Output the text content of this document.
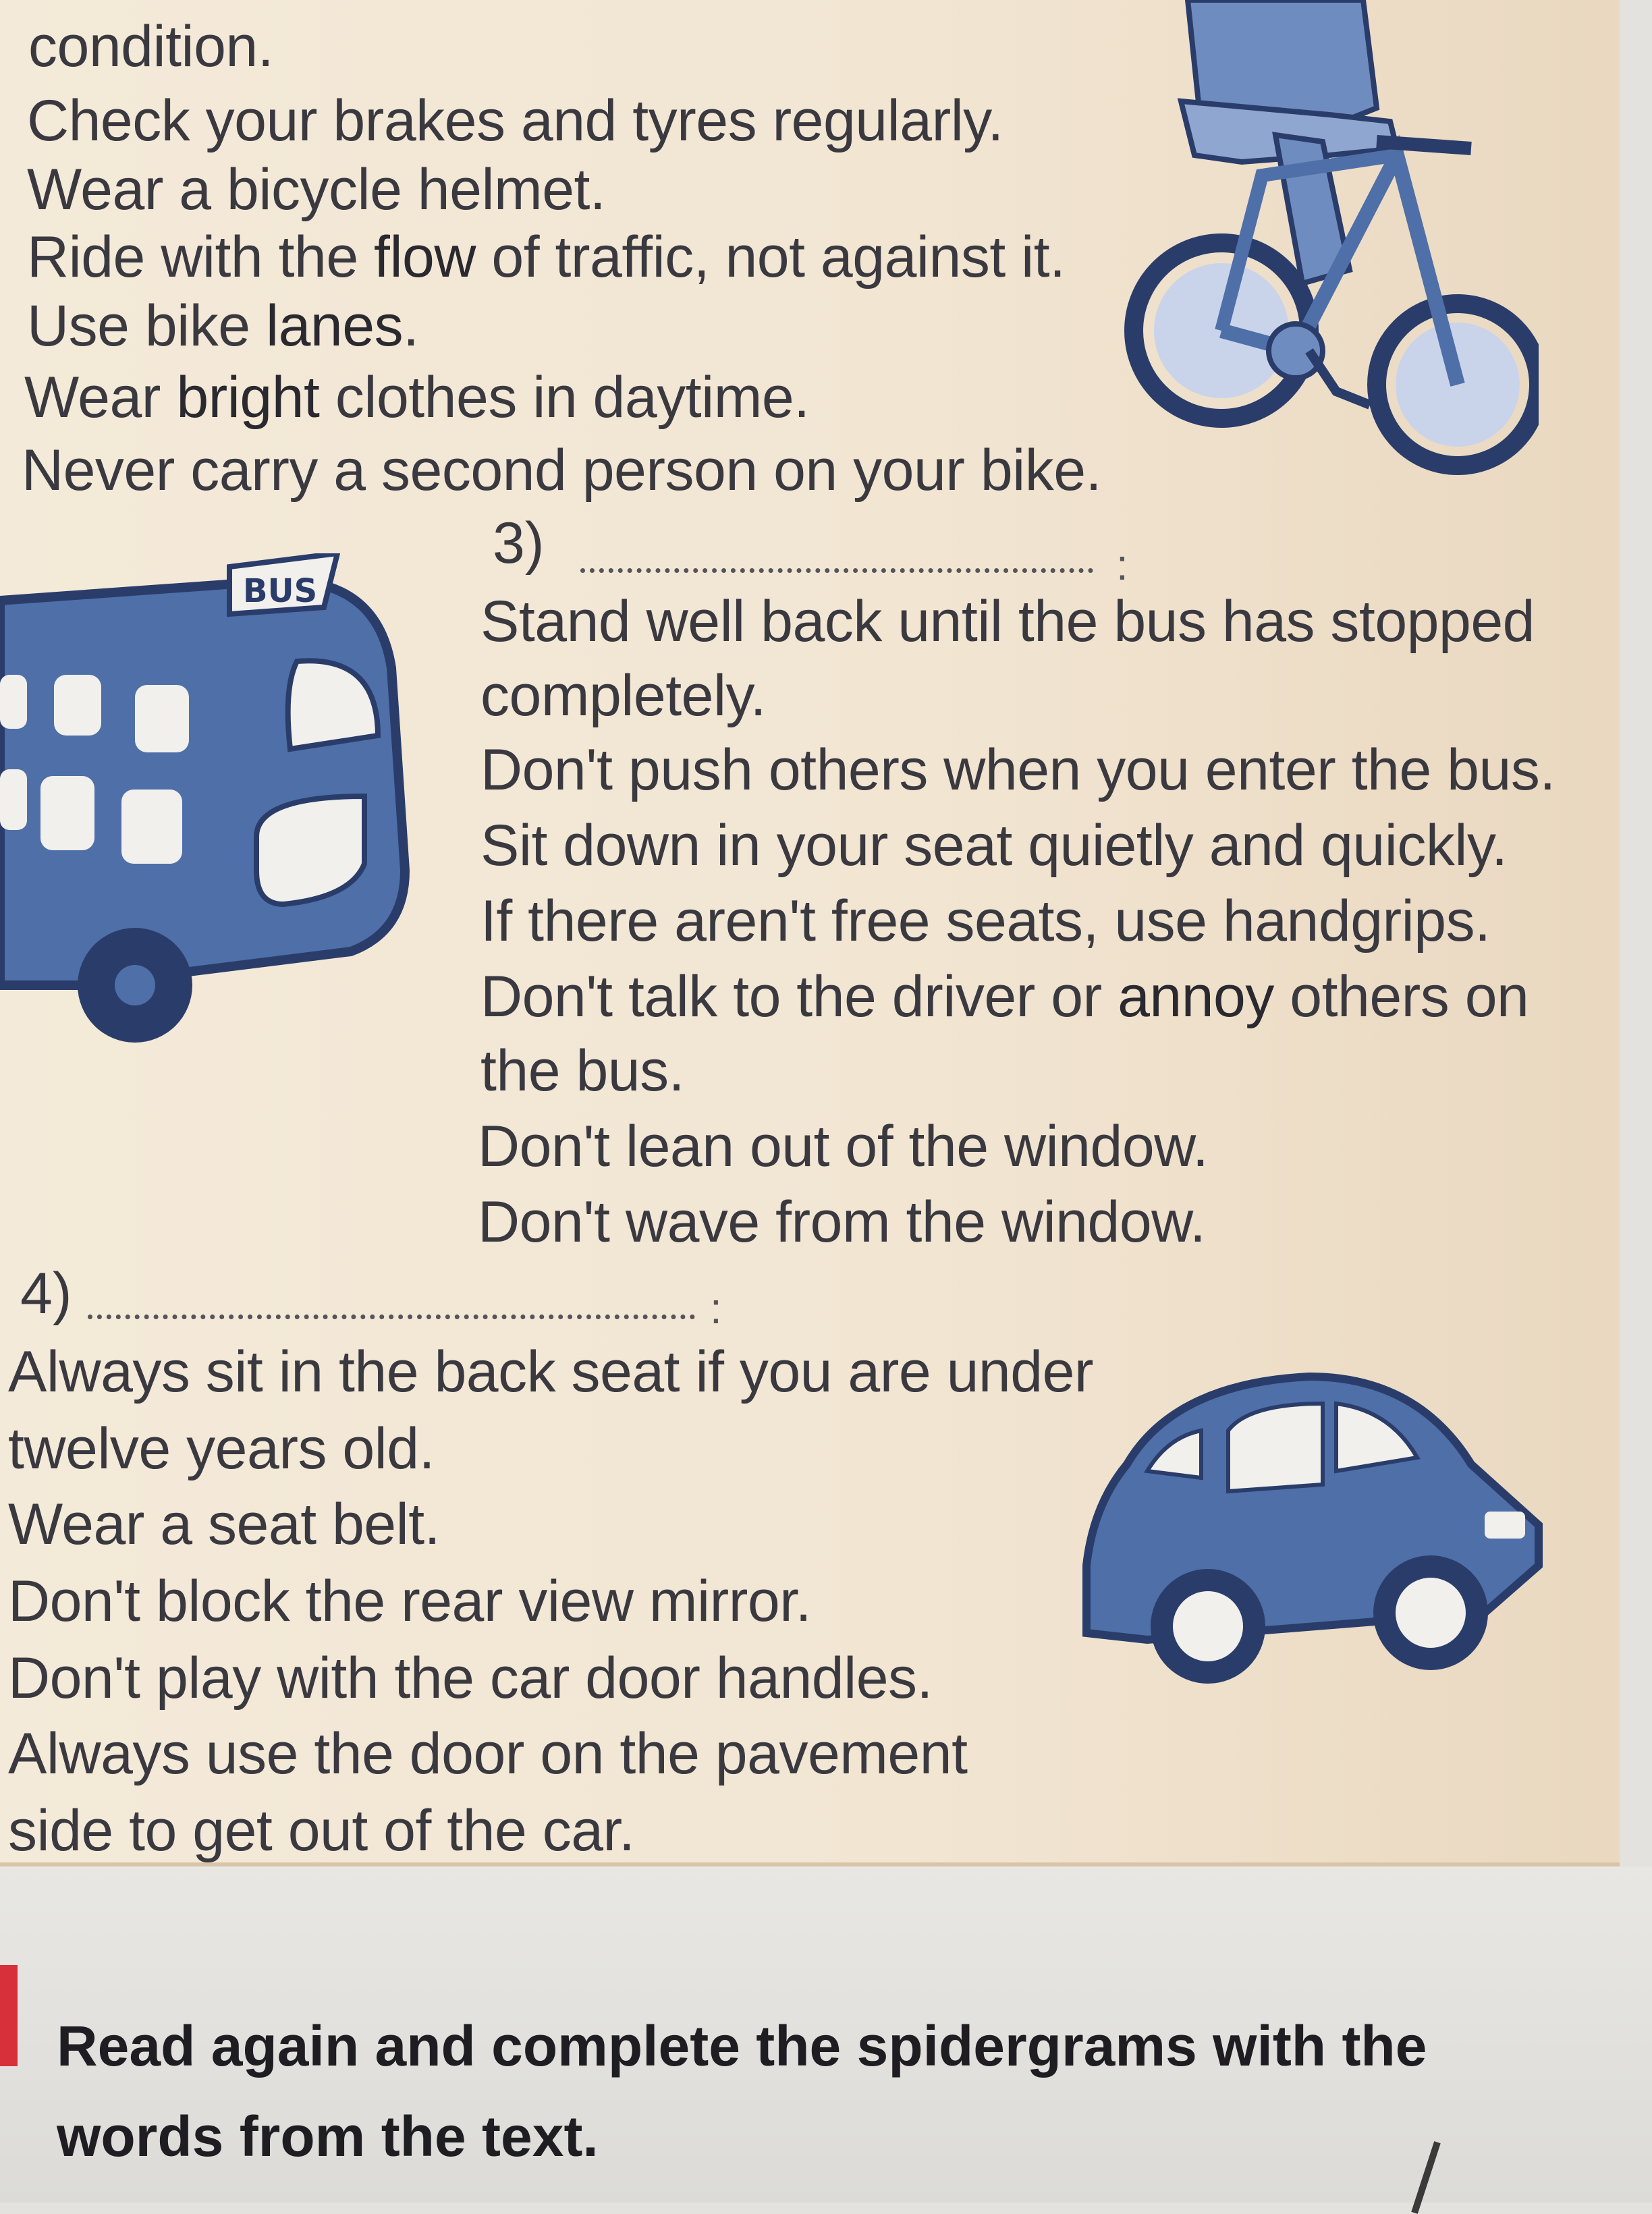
condition.

Check your brakes and tyres regularly.

Wear a bicycle helmet.

Ride with the flow of traffic, not against it.

Use bike lanes.

Wear bright clothes in daytime.

Never carry a second person on your bike.

3)	:
BUS	Stand well back until the bus has stopped

completely.

Don't push others when you enter the bus.

Sit down in your seat quietly and quickly.

If there aren't free seats, use handgrips.

Don't talk to the driver or annoy others on

the bus.

Don't lean out of the window.

Don't wave from the window.

4)	:

Always sit in the back seat if you are under

twelve years old.

Wear a seat belt.

Don't block the rear view mirror.

Don't play with the car door handles.

Always use the door on the pavement

side to get out of the car.

Read again and complete the spidergrams with the

words from the text.
